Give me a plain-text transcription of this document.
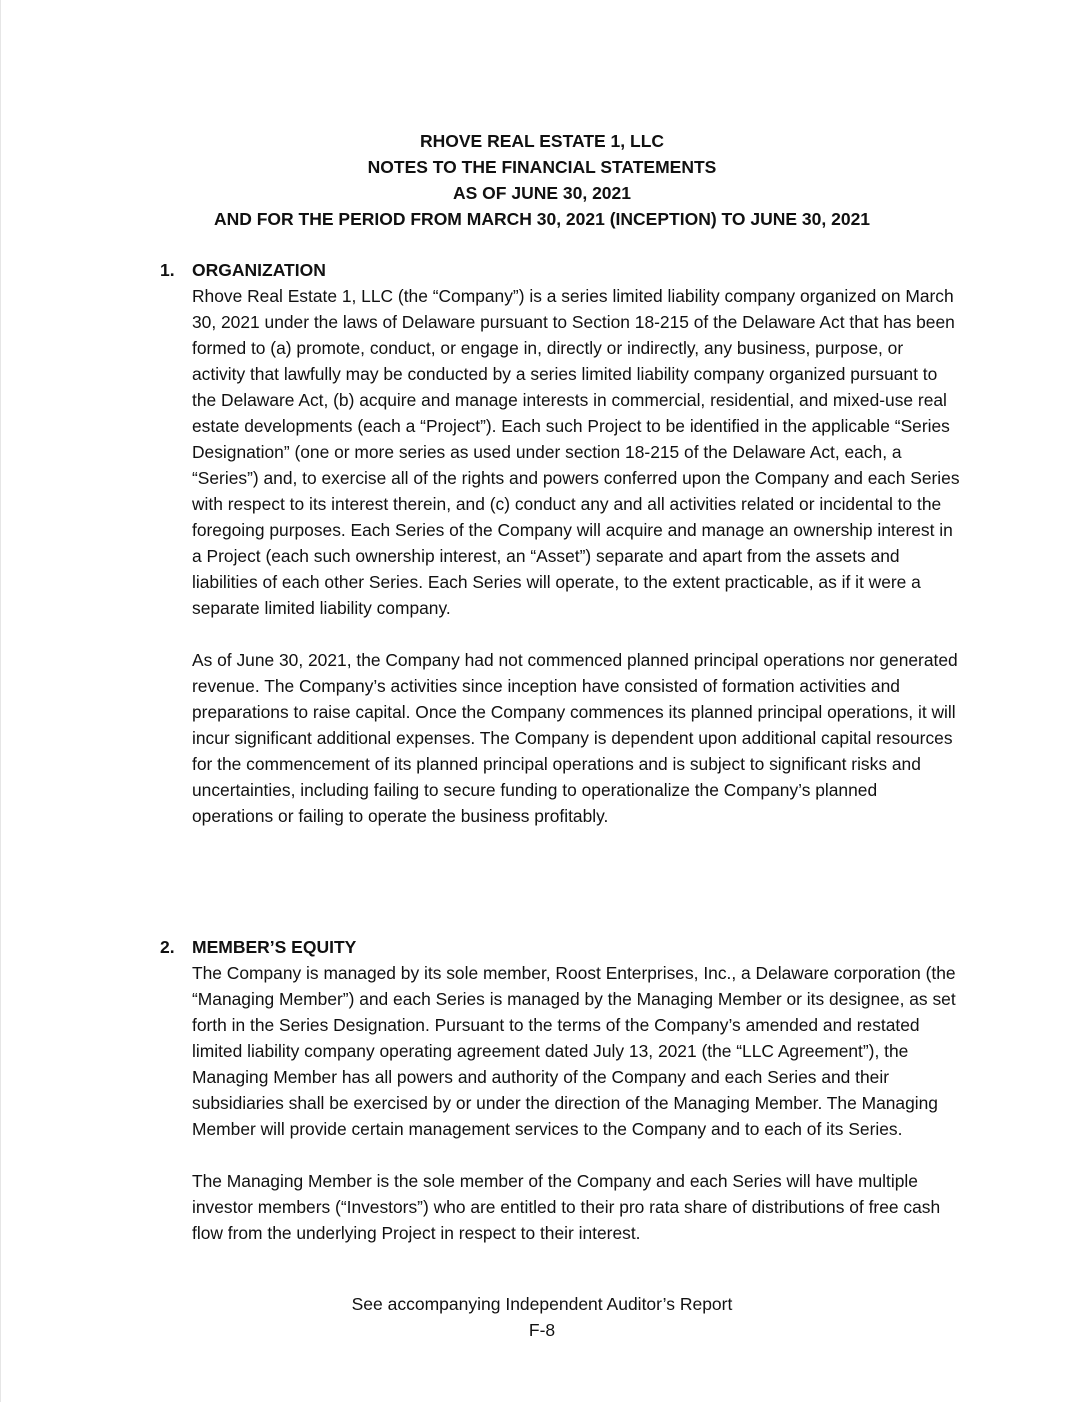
RHOVE REAL ESTATE 1, LLC
NOTES TO THE FINANCIAL STATEMENTS
AS OF JUNE 30, 2021
AND FOR THE PERIOD FROM MARCH 30, 2021 (INCEPTION) TO JUNE 30, 2021
1. ORGANIZATION

Rhove Real Estate 1, LLC (the “Company”) is a series limited liability company organized on March 30, 2021 under the laws of Delaware pursuant to Section 18-215 of the Delaware Act that has been formed to (a) promote, conduct, or engage in, directly or indirectly, any business, purpose, or activity that lawfully may be conducted by a series limited liability company organized pursuant to the Delaware Act, (b) acquire and manage interests in commercial, residential, and mixed-use real estate developments (each a “Project”). Each such Project to be identified in the applicable “Series Designation” (one or more series as used under section 18-215 of the Delaware Act, each, a “Series”) and, to exercise all of the rights and powers conferred upon the Company and each Series with respect to its interest therein, and (c) conduct any and all activities related or incidental to the foregoing purposes. Each Series of the Company will acquire and manage an ownership interest in a Project (each such ownership interest, an “Asset”) separate and apart from the assets and liabilities of each other Series. Each Series will operate, to the extent practicable, as if it were a separate limited liability company.

As of June 30, 2021, the Company had not commenced planned principal operations nor generated revenue. The Company’s activities since inception have consisted of formation activities and preparations to raise capital. Once the Company commences its planned principal operations, it will incur significant additional expenses. The Company is dependent upon additional capital resources for the commencement of its planned principal operations and is subject to significant risks and uncertainties, including failing to secure funding to operationalize the Company’s planned operations or failing to operate the business profitably.

2. MEMBER’S EQUITY

The Company is managed by its sole member, Roost Enterprises, Inc., a Delaware corporation (the “Managing Member”) and each Series is managed by the Managing Member or its designee, as set forth in the Series Designation. Pursuant to the terms of the Company’s amended and restated limited liability company operating agreement dated July 13, 2021 (the “LLC Agreement”), the Managing Member has all powers and authority of the Company and each Series and their subsidiaries shall be exercised by or under the direction of the Managing Member. The Managing Member will provide certain management services to the Company and to each of its Series.

The Managing Member is the sole member of the Company and each Series will have multiple investor members (“Investors”) who are entitled to their pro rata share of distributions of free cash flow from the underlying Project in respect to their interest.

See accompanying Independent Auditor’s Report
F-8
